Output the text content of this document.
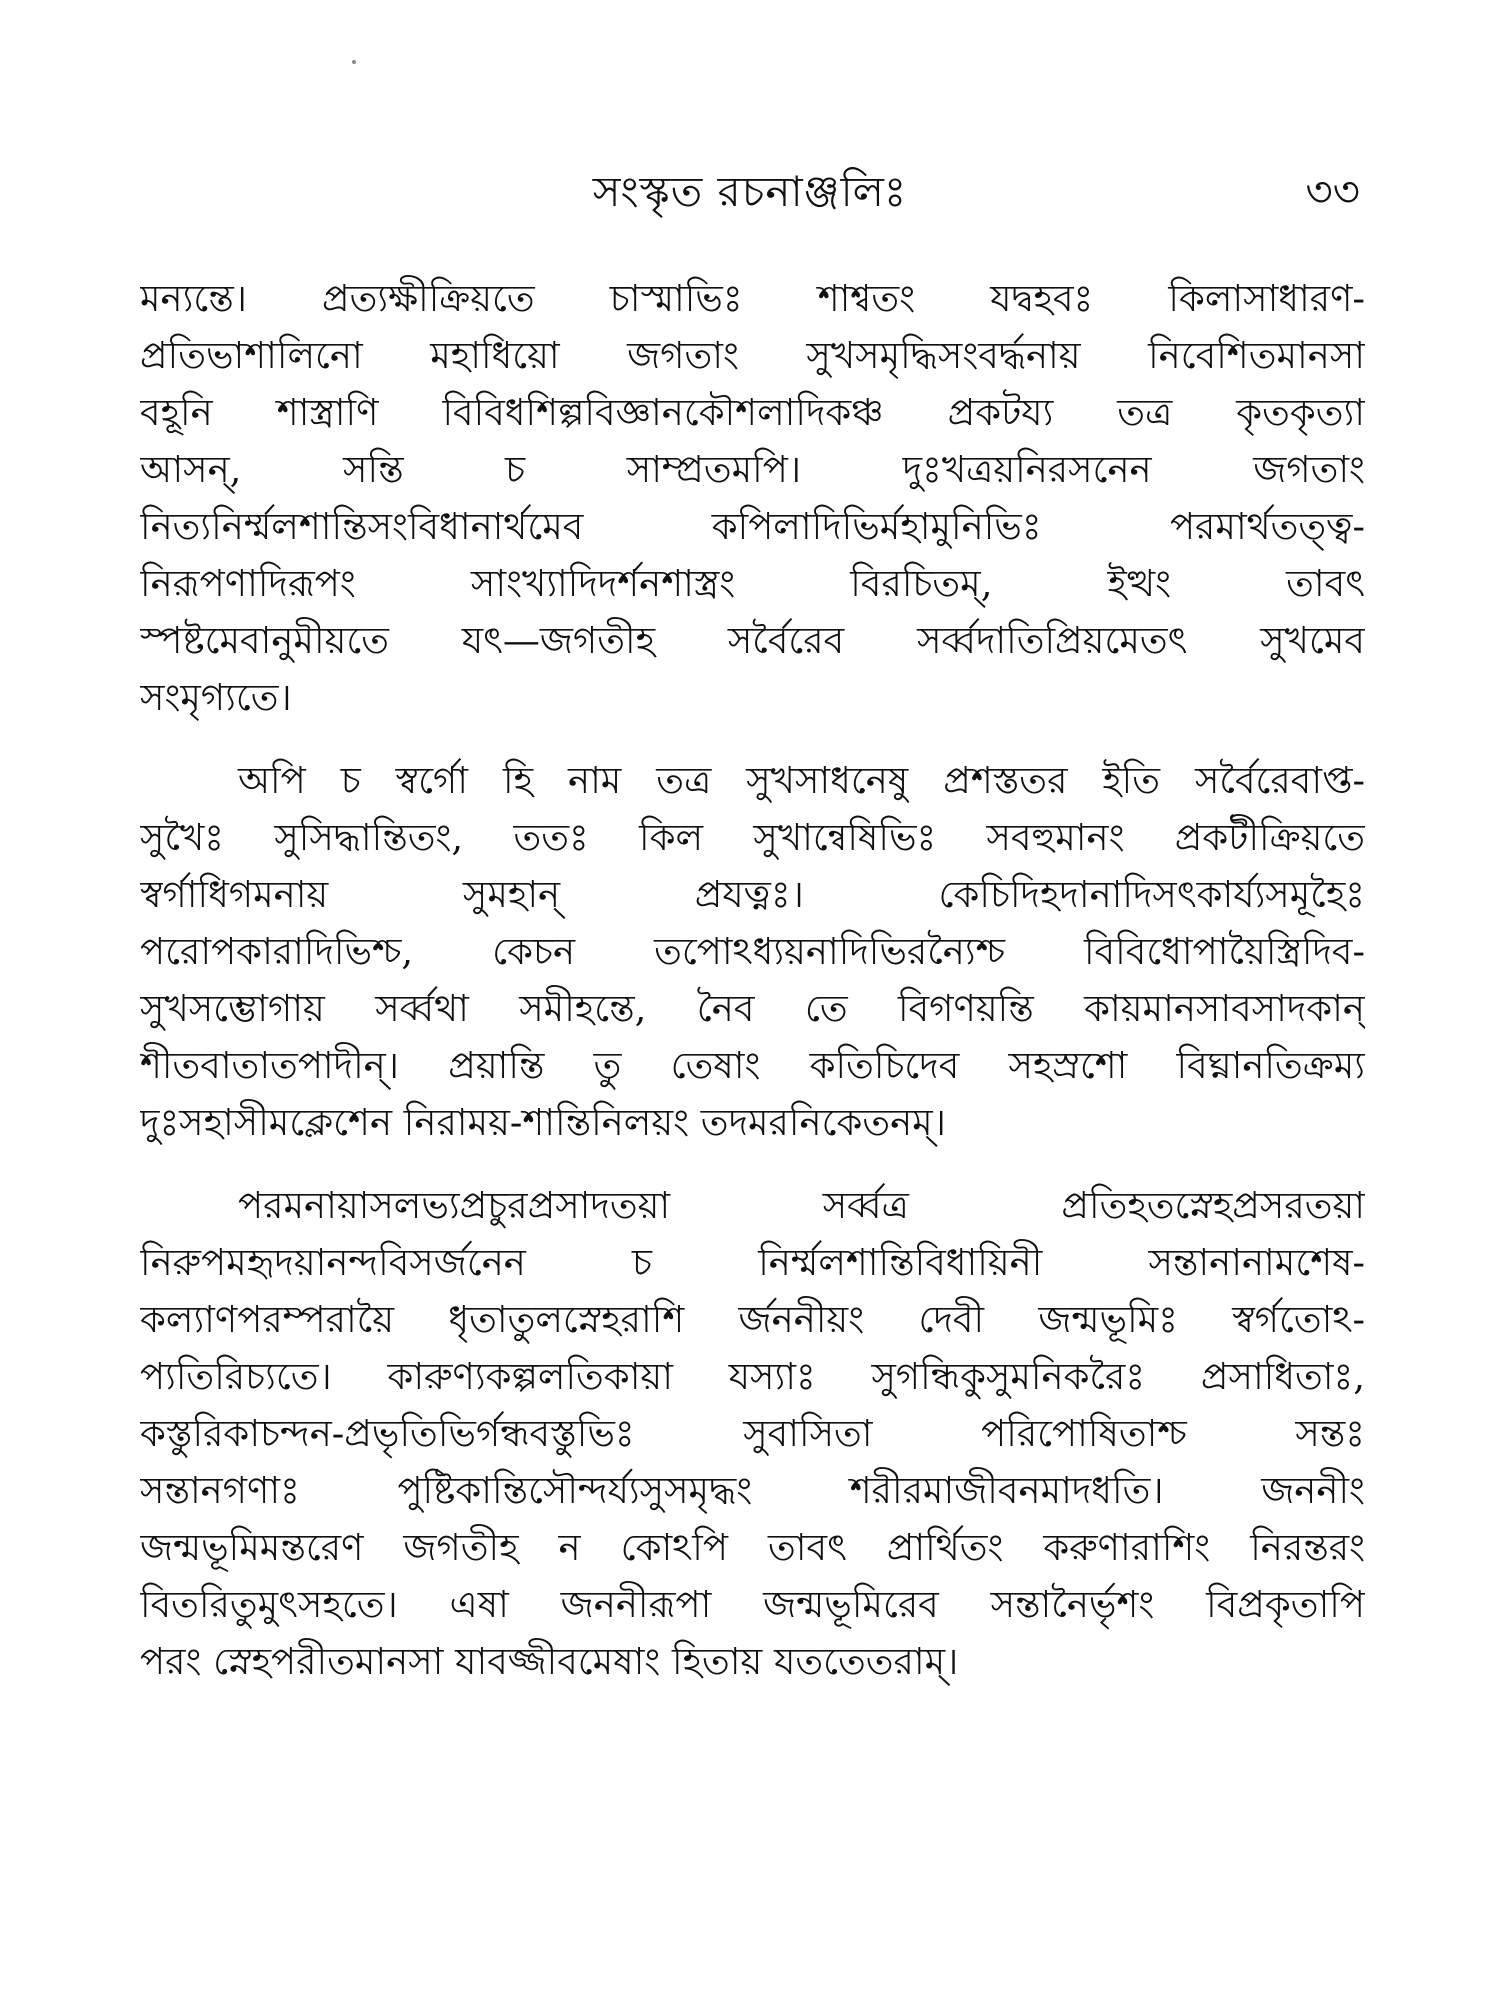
সংস্কৃত রচনাঞ্জলিঃ	৩৩
মন্যন্তে। প্রত্যক্ষীক্রিয়তে চাস্মাভিঃ শাশ্বতং যদ্বহবঃ কিলাসাধারণ-
প্রতিভাশালিনো মহাধিয়ো জগতাং সুখসমৃদ্ধিসংবর্দ্ধনায় নিবেশিতমানসা
বহূনি শাস্ত্রাণি বিবিধশিল্পবিজ্ঞানকৌশলাদিকঞ্চ প্রকটয্য তত্র কৃতকৃত্যা
আসন্, সন্তি চ সাম্প্রতমপি। দুঃখত্রয়নিরসনেন জগতাং
নিত্যনির্ম্মলশান্তিসংবিধানার্থমেব কপিলাদিভির্মহামুনিভিঃ পরমার্থতত্ত্ব-
নিরূপণাদিরূপং সাংখ্যাদিদর্শনশাস্ত্রং বিরচিতম্, ইত্থং তাবৎ
স্পষ্টমেবানুমীয়তে যৎ—জগতীহ সর্বৈরেব সর্ব্বদাতিপ্রিয়মেতৎ সুখমেব
সংমৃগ্যতে।
অপি চ স্বর্গো হি নাম তত্র সুখসাধনেষু প্রশস্ততর ইতি সর্বৈরেবাপ্ত-
সুখৈঃ সুসিদ্ধান্তিতং, ততঃ কিল সুখান্বেষিভিঃ সবহুমানং প্রকটীক্রিয়তে
স্বর্গাধিগমনায় সুমহান্ প্রযত্নঃ। কেচিদিহদানাদিসৎকার্য্যসমূহৈঃ
পরোপকারাদিভিশ্চ, কেচন তপোঽধ্যয়নাদিভিরন্যৈশ্চ বিবিধোপায়ৈস্ত্রিদিব-
সুখসম্ভোগায় সর্ব্বথা সমীহন্তে, নৈব তে বিগণয়ন্তি কায়মানসাবসাদকান্
শীতবাতাতপাদীন্। প্রয়ান্তি তু তেষাং কতিচিদেব সহস্রশো বিঘ্নানতিক্রম্য
দুঃসহাসীমক্লেশেন নিরাময়-শান্তিনিলয়ং তদমরনিকেতনম্।
পরমনায়াসলভ্যপ্রচুরপ্রসাদতয়া সর্ব্বত্র প্রতিহতস্নেহপ্রসরতয়া
নিরুপমহৃদয়ানন্দবিসর্জনেন চ নির্ম্মলশান্তিবিধায়িনী সন্তানানামশেষ-
কল্যাণপরম্পরায়ৈ ধৃতাতুলস্নেহরাশি র্জননীয়ং দেবী জন্মভূমিঃ স্বর্গতোঽ-
প্যতিরিচ্যতে। কারুণ্যকল্পলতিকায়া যস্যাঃ সুগন্ধিকুসুমনিকরৈঃ প্রসাধিতাঃ,
কস্তুরিকাচন্দন-প্রভৃতিভির্গন্ধবস্তুভিঃ সুবাসিতা পরিপোষিতাশ্চ সন্তঃ
সন্তানগণাঃ পুষ্টিকান্তিসৌন্দর্য্যসুসমৃদ্ধং শরীরমাজীবনমাদধতি। জননীং
জন্মভূমিমন্তরেণ জগতীহ ন কোঽপি তাবৎ প্রার্থিতং করুণারাশিং নিরন্তরং
বিতরিতুমুৎসহতে। এষা জননীরূপা জন্মভূমিরেব সন্তানৈর্ভৃশং বিপ্রকৃতাপি
পরং স্নেহপরীতমানসা যাবজ্জীবমেষাং হিতায় যততেতরাম্।
